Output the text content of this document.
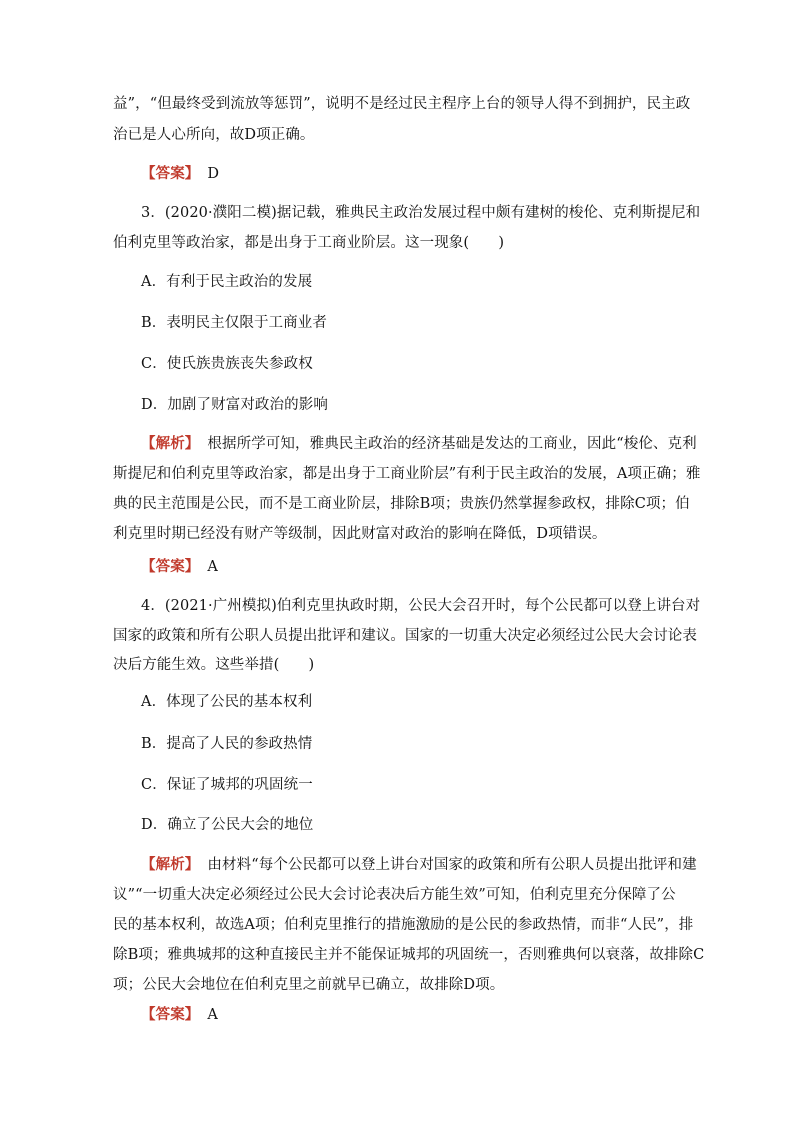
益”，“但最终受到流放等惩罚”，说明不是经过民主程序上台的领导人得不到拥护，民主政
治已是人心所向，故D项正确。
【答案】 D
3．(2020·濮阳二模)据记载，雅典民主政治发展过程中颇有建树的梭伦、克利斯提尼和
伯利克里等政治家，都是出身于工商业阶层。这一现象(　　)
A．有利于民主政治的发展
B．表明民主仅限于工商业者
C．使氏族贵族丧失参政权
D．加剧了财富对政治的影响
【解析】 根据所学可知，雅典民主政治的经济基础是发达的工商业，因此“梭伦、克利
斯提尼和伯利克里等政治家，都是出身于工商业阶层”有利于民主政治的发展，A项正确；雅
典的民主范围是公民，而不是工商业阶层，排除B项；贵族仍然掌握参政权，排除C项；伯
利克里时期已经没有财产等级制，因此财富对政治的影响在降低，D项错误。
【答案】 A
4．(2021·广州模拟)伯利克里执政时期，公民大会召开时，每个公民都可以登上讲台对
国家的政策和所有公职人员提出批评和建议。国家的一切重大决定必须经过公民大会讨论表
决后方能生效。这些举措(　　)
A．体现了公民的基本权利
B．提高了人民的参政热情
C．保证了城邦的巩固统一
D．确立了公民大会的地位
【解析】 由材料“每个公民都可以登上讲台对国家的政策和所有公职人员提出批评和建
议”“一切重大决定必须经过公民大会讨论表决后方能生效”可知，伯利克里充分保障了公
民的基本权利，故选A项；伯利克里推行的措施激励的是公民的参政热情，而非“人民”，排
除B项；雅典城邦的这种直接民主并不能保证城邦的巩固统一，否则雅典何以衰落，故排除C
项；公民大会地位在伯利克里之前就早已确立，故排除D项。
【答案】 A
